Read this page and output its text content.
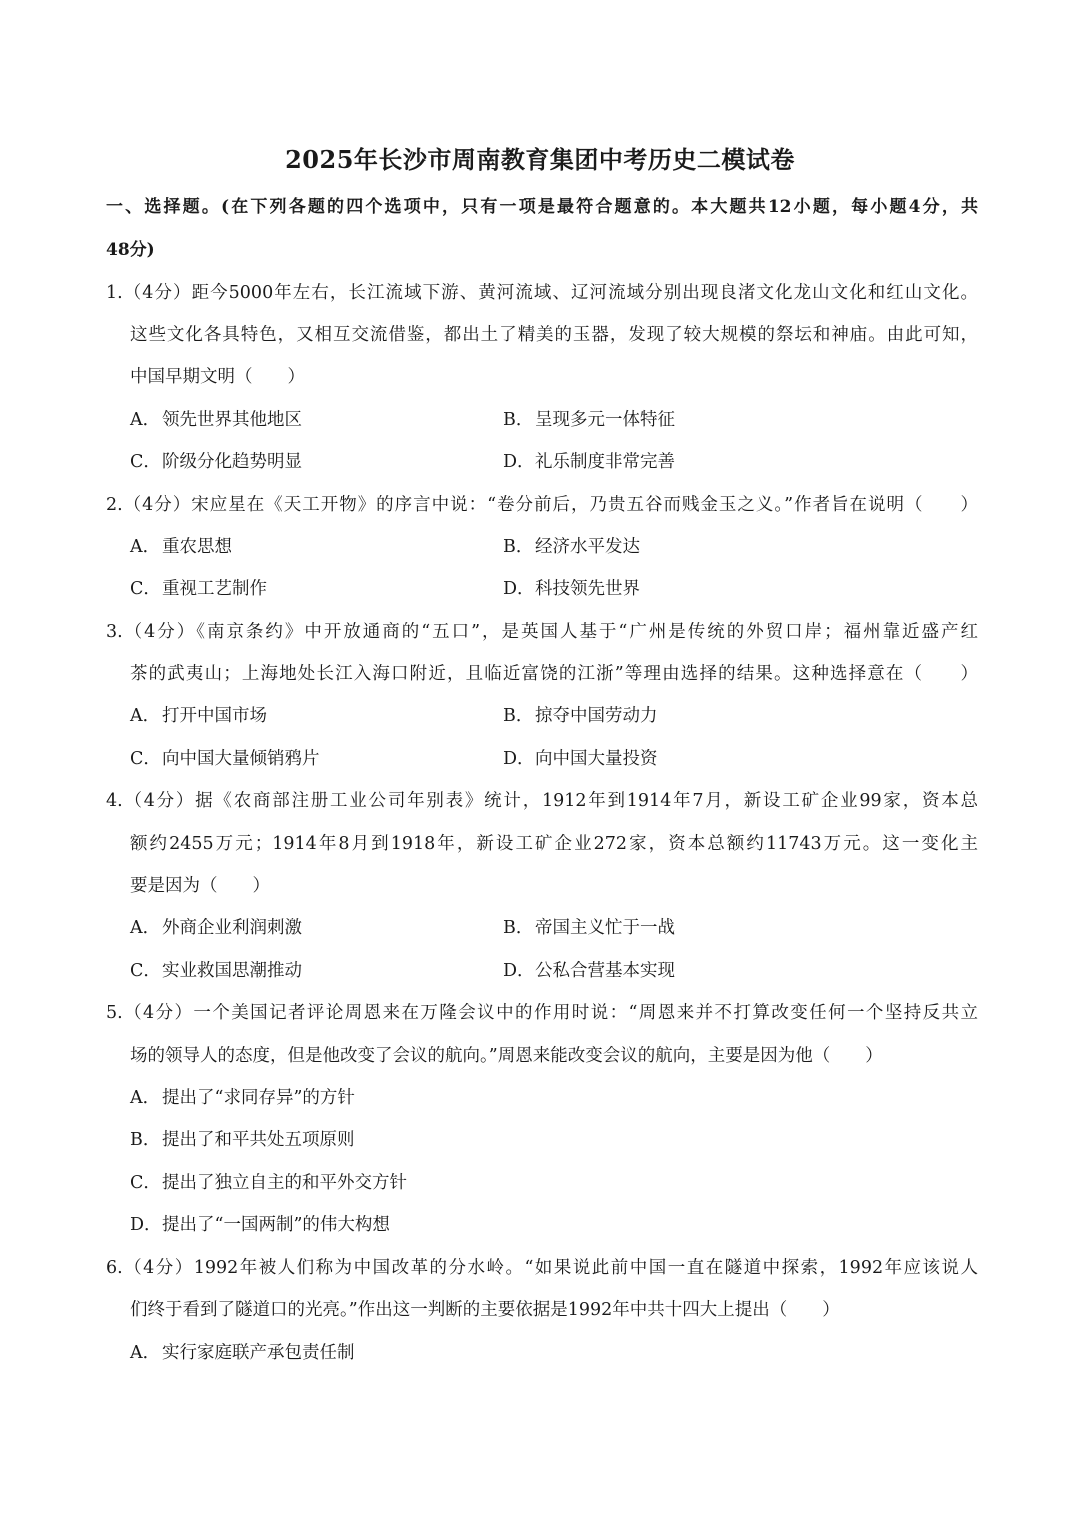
2025年长沙市周南教育集团中考历史二模试卷
一、选择题。(在下列各题的四个选项中，只有一项是最符合题意的。本大题共12小题，每小题4分，共
48分)
1.（4分）距今5000年左右，长江流域下游、黄河流域、辽河流域分别出现良渚文化龙山文化和红山文化。
这些文化各具特色，又相互交流借鉴，都出土了精美的玉器，发现了较大规模的祭坛和神庙。由此可知，
中国早期文明（　　）
A． 领先世界其他地区	B．呈现多元一体特征
C．阶级分化趋势明显	D．礼乐制度非常完善
2.（4分）宋应星在《天工开物》的序言中说：“卷分前后，乃贵五谷而贱金玉之义。”作者旨在说明（　　）
A． 重农思想	B．经济水平发达
C．重视工艺制作	D．科技领先世界
3.（4分）《南京条约》中开放通商的“五口”，是英国人基于“广州是传统的外贸口岸；福州靠近盛产红
茶的武夷山；上海地处长江入海口附近，且临近富饶的江浙”等理由选择的结果。这种选择意在（　　）
A． 打开中国市场	B．掠夺中国劳动力
C．向中国大量倾销鸦片	D．向中国大量投资
4.（4分）据《农商部注册工业公司年别表》统计，1912年到1914年7月，新设工矿企业99家，资本总
额约2455万元；1914年8月到1918年，新设工矿企业272家，资本总额约11743万元。这一变化主
要是因为（　　）
A． 外商企业利润刺激	B．帝国主义忙于一战
C．实业救国思潮推动	D．公私合营基本实现
5.（4分）一个美国记者评论周恩来在万隆会议中的作用时说：“周恩来并不打算改变任何一个坚持反共立
场的领导人的态度，但是他改变了会议的航向。”周恩来能改变会议的航向，主要是因为他（　　）
A． 提出了“求同存异”的方针
B．提出了和平共处五项原则
C．提出了独立自主的和平外交方针
D．提出了“一国两制”的伟大构想
6.（4分）1992年被人们称为中国改革的分水岭。“如果说此前中国一直在隧道中探索，1992年应该说人
们终于看到了隧道口的光亮。”作出这一判断的主要依据是1992年中共十四大上提出（　　）
A． 实行家庭联产承包责任制
